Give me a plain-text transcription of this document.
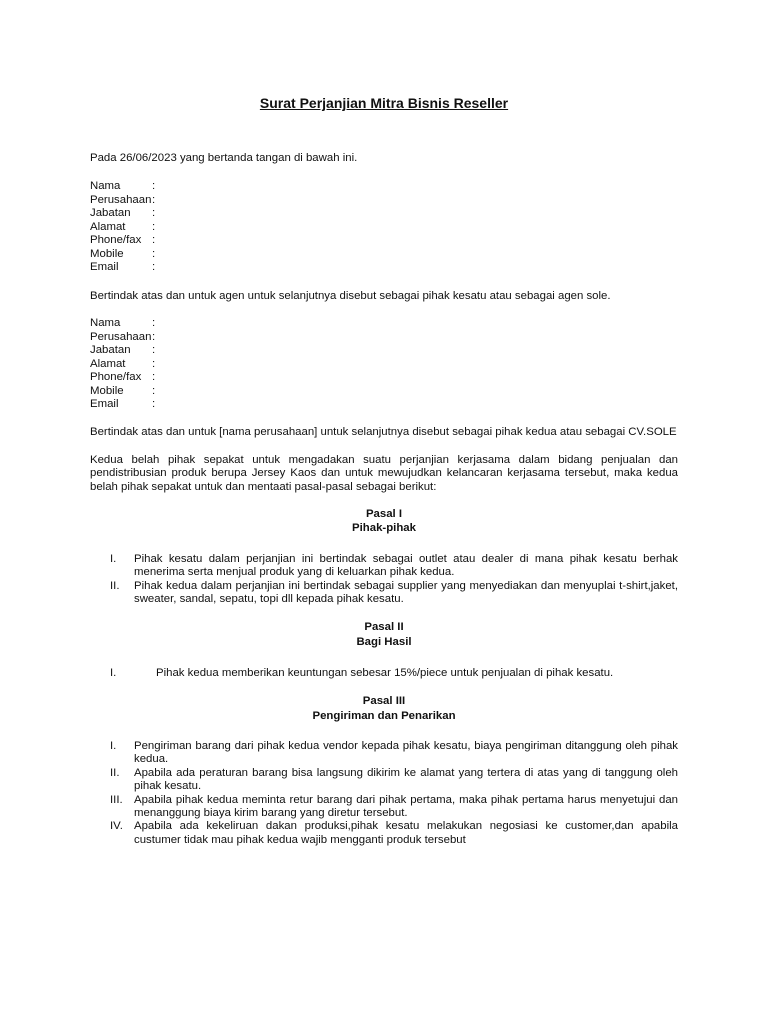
Surat Perjanjian Mitra Bisnis Reseller

Pada 26/06/2023 yang bertanda tangan di bawah ini.

Nama	:
Perusahaan :
Jabatan	:
Alamat	:
Phone/fax :
Mobile	:
Email	:

Bertindak atas dan untuk agen untuk selanjutnya disebut sebagai pihak kesatu atau sebagai agen sole.

Nama	:
Perusahaan :
Jabatan	:
Alamat	:
Phone/fax :
Mobile	:
Email	:

Bertindak atas dan untuk [nama perusahaan] untuk selanjutnya disebut sebagai pihak kedua atau sebagai CV.SOLE

Kedua belah pihak sepakat untuk mengadakan suatu perjanjian kerjasama dalam bidang penjualan dan pendistribusian produk berupa Jersey Kaos dan untuk mewujudkan kelancaran kerjasama tersebut, maka kedua belah pihak sepakat untuk dan mentaati pasal-pasal sebagai berikut:

Pasal I
Pihak-pihak
I.	Pihak kesatu dalam perjanjian ini bertindak sebagai outlet atau dealer di mana pihak kesatu berhak menerima serta menjual produk yang di keluarkan pihak kedua.
II.	Pihak kedua dalam perjanjian ini bertindak sebagai supplier yang menyediakan dan menyuplai t-shirt,jaket, sweater, sandal, sepatu, topi dll kepada pihak kesatu.
Pasal II
Bagi Hasil
I.	Pihak kedua memberikan keuntungan sebesar 15%/piece untuk penjualan di pihak kesatu.
Pasal III
Pengiriman dan Penarikan
I.	Pengiriman barang dari pihak kedua vendor kepada pihak kesatu, biaya pengiriman ditanggung oleh pihak kedua.
II.	Apabila ada peraturan barang bisa langsung dikirim ke alamat yang tertera di atas yang di tanggung oleh pihak kesatu.
III. Apabila pihak kedua meminta retur barang dari pihak pertama, maka pihak pertama harus menyetujui dan menanggung biaya kirim barang yang diretur tersebut.
IV. Apabila ada kekeliruan dakan produksi,pihak kesatu melakukan negosiasi ke customer,dan apabila custumer tidak mau pihak kedua wajib mengganti produk tersebut
